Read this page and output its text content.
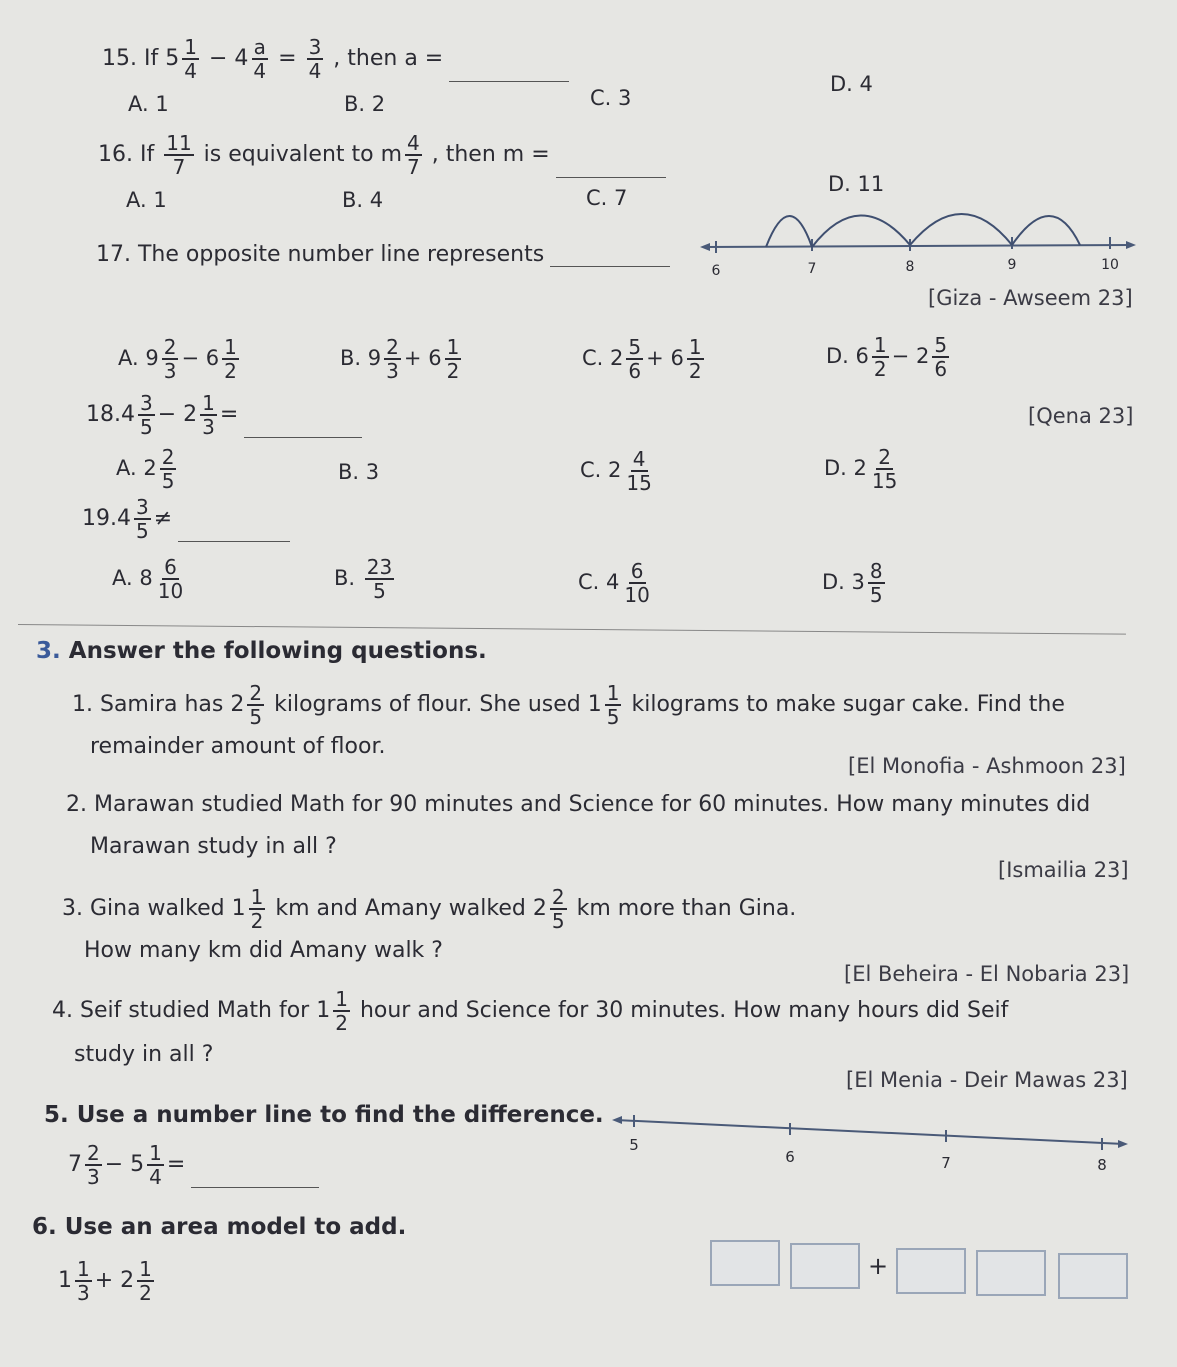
15. If $5 \frac{1}{4} - 4 \frac{a}{4} = \frac{3}{4}$ , then a =
A. 1	B. 2	C. 3
D. 4
16. If $\frac{11}{7}$ is equivalent to m $\frac{4}{7}$ , then m =
A. 1	B. 4	C. 7
D. 11
17. The opposite number line represents
6	7	8	9	10
[Giza - Awseem 23]
A. $9 \frac{2}{3} - 6 \frac{1}{2}$	B. $9 \frac{2}{3} + 6 \frac{1}{2}$	C. $2 \frac{5}{6} + 6 \frac{1}{2}$	D. $6 \frac{1}{2} - 2 \frac{5}{6}$
$18.4 \frac{3}{5} - 2 \frac{1}{3}$ =	[Qena 23]
A. $2 \frac{2}{5}$	B. 3	C. $2 \frac{4}{15}$	D. $2 \frac{2}{15}$
$19.4 \frac{3}{5}$ ≠
A. $8 \frac{6}{10}$	B. $\frac{23}{5}$	C. $4 \frac{6}{10}$	D. $3 \frac{8}{5}$
3. Answer the following questions.
1. Samira has $2 \frac{2}{5}$ kilograms of flour. She used $1 \frac{1}{5}$ kilograms to make sugar cake. Find the
remainder amount of floor.
[El Monofia - Ashmoon 23]
2. Marawan studied Math for 90 minutes and Science for 60 minutes. How many minutes did
Marawan study in all ?
[Ismailia 23]
3. Gina walked $1 \frac{1}{2}$ km and Amany walked $2 \frac{2}{5}$ km more than Gina.
How many km did Amany walk ?
[El Beheira - El Nobaria 23]
4. Seif studied Math for $1 \frac{1}{2}$ hour and Science for 30 minutes. How many hours did Seif
study in all ?
[El Menia - Deir Mawas 23]
5. Use a number line to find the difference.
$7 \frac{2}{3} - 5 \frac{1}{4}$ =
5
6	7	8
6. Use an area model to add.
$1 \frac{1}{3} + 2 \frac{1}{2}$	+
